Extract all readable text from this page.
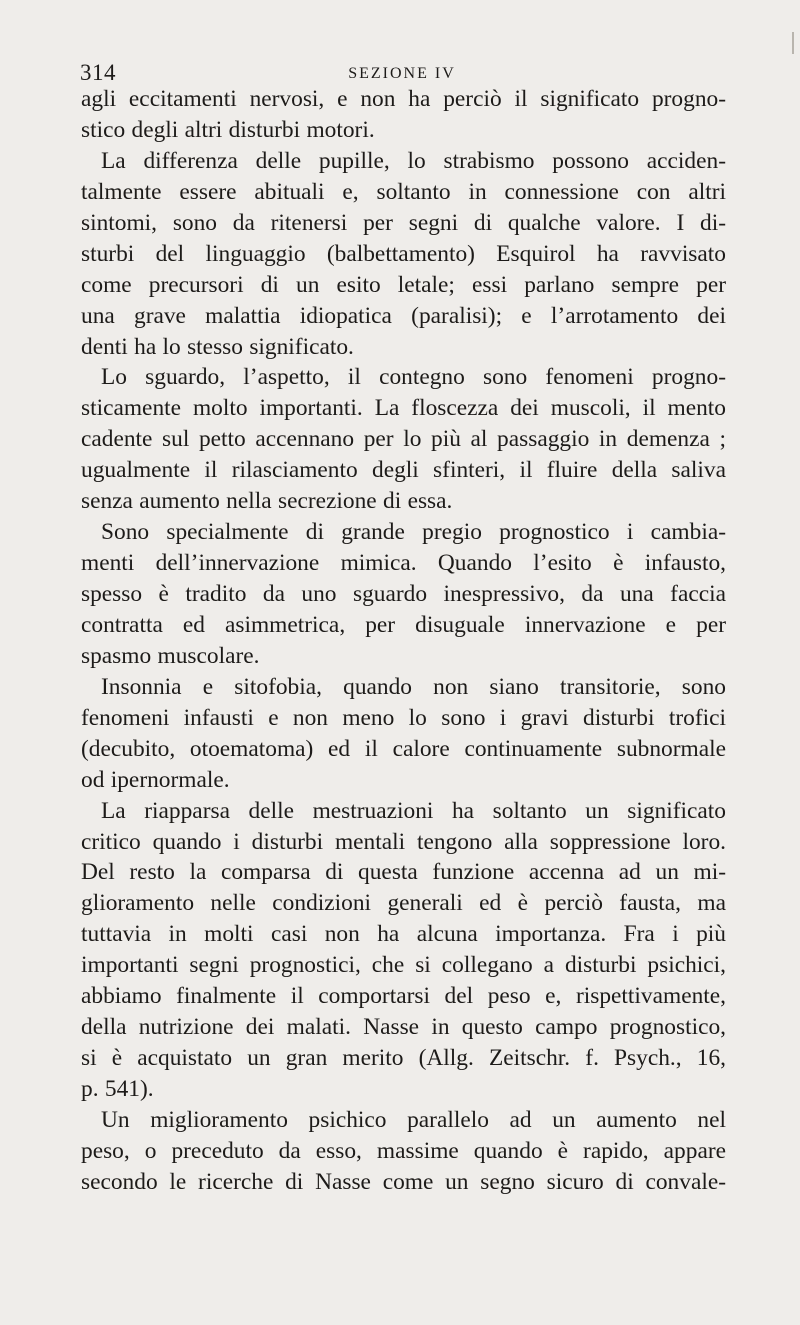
314	SEZIONE IV
agli eccitamenti nervosi, e non ha perciò il significato progno-
stico degli altri disturbi motori.
La differenza delle pupille, lo strabismo possono acciden-
talmente essere abituali e, soltanto in connessione con altri
sintomi, sono da ritenersi per segni di qualche valore. I di-
sturbi del linguaggio (balbettamento) Esquirol ha ravvisato
come precursori di un esito letale; essi parlano sempre per
una grave malattia idiopatica (paralisi); e l’arrotamento dei
denti ha lo stesso significato.
Lo sguardo, l’aspetto, il contegno sono fenomeni progno-
sticamente molto importanti. La floscezza dei muscoli, il mento
cadente sul petto accennano per lo più al passaggio in demenza ;
ugualmente il rilasciamento degli sfinteri, il fluire della saliva
senza aumento nella secrezione di essa.
Sono specialmente di grande pregio prognostico i cambia-
menti dell’innervazione mimica. Quando l’esito è infausto,
spesso è tradito da uno sguardo inespressivo, da una faccia
contratta ed asimmetrica, per disuguale innervazione e per
spasmo muscolare.
Insonnia e sitofobia, quando non siano transitorie, sono
fenomeni infausti e non meno lo sono i gravi disturbi trofici
(decubito, otoematoma) ed il calore continuamente subnormale
od ipernormale.
La riapparsa delle mestruazioni ha soltanto un significato
critico quando i disturbi mentali tengono alla soppressione loro.
Del resto la comparsa di questa funzione accenna ad un mi-
glioramento nelle condizioni generali ed è perciò fausta, ma
tuttavia in molti casi non ha alcuna importanza. Fra i più
importanti segni prognostici, che si collegano a disturbi psichici,
abbiamo finalmente il comportarsi del peso e, rispettivamente,
della nutrizione dei malati. Nasse in questo campo prognostico,
si è acquistato un gran merito (Allg. Zeitschr. f. Psych., 16,
p. 541).
Un miglioramento psichico parallelo ad un aumento nel
peso, o preceduto da esso, massime quando è rapido, appare
secondo le ricerche di Nasse come un segno sicuro di convale-
